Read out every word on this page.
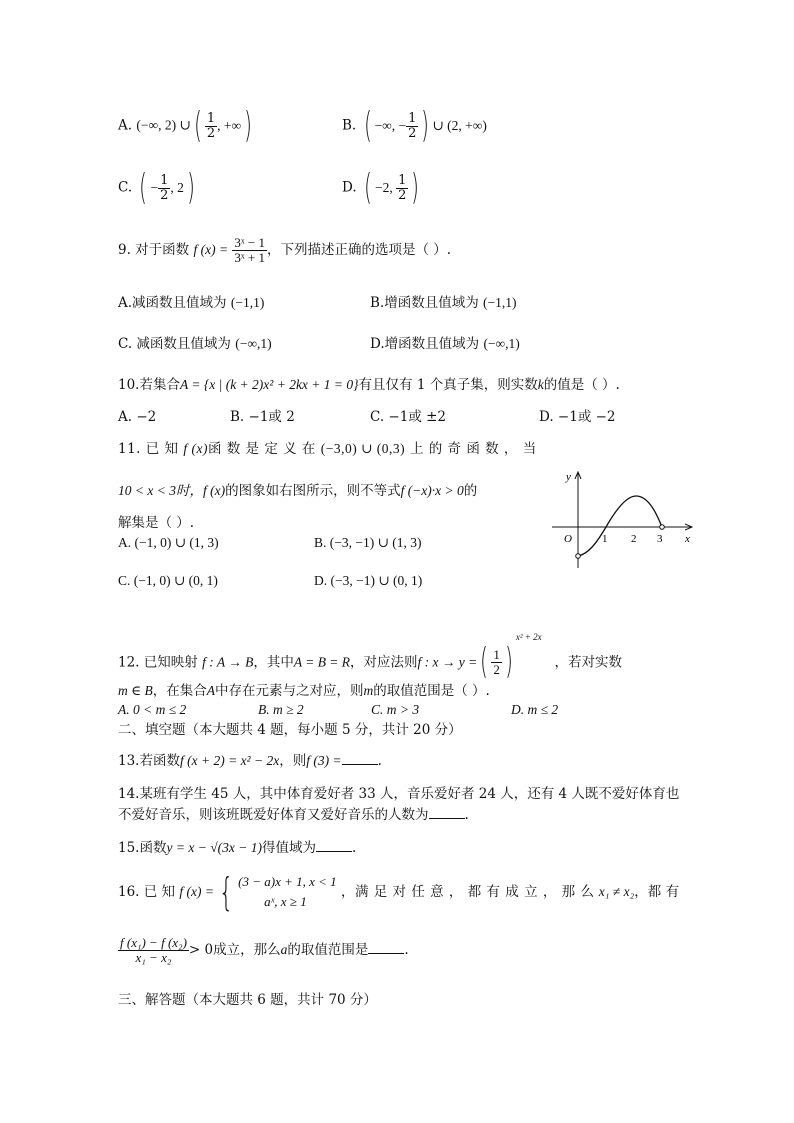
A. (−∞, 2) ∪( $\frac{1}{2}$ , +∞)	B. ( −∞, − $\frac{1}{2}$ ) ∪ (2, +∞)
C. ( − $\frac{1}{2}$ , 2)	D. ( −2, $\frac{1}{2}$ )
9. 对于函数 f $(x) = \frac{\text{3ˣ − 1}}{\text{3ˣ + 1}}$ ，下列描述正确的选项是（ ）.
A.减函数且值域为 (−1,1)	B.增函数且值域为 (−1,1)
C. 减函数且值域为 (−∞,1)	D.增函数且值域为 (−∞,1)
10.若集合A = {x | (k + 2)x² + 2kx + 1 = 0}有且仅有 1 个真子集，则实数k的值是（ ）.
A. −2	B. −1或 2	C. −1或 ±2	D. −1或 −2
11. 已 知 f (x)函 数 是 定 义 在 (−3,0) ∪ (0,3) 上 的 奇 函 数 ， 当
10 < x < 3时，f (x)的图象如右图所示，则不等式f (−x)·x > 0的
解集是（ ）.
A. (−1, 0) ∪ (1, 3)	B. (−3, −1) ∪ (1, 3)
C. (−1, 0) ∪ (0, 1)	D. (−3, −1) ∪ (0, 1)
y
x
O	1 2 3
12. 已知映射 f : A → B，其中A = B = R，对应法则f : x → y =( $\frac{1}{2} )^{x^2 + 2x}$   ，若对实数
m ∈ B，在集合A中存在元素与之对应，则m的取值范围是（ ）.
A. 0 < m ≤ 2	B. m ≥ 2	C. m > 3	D. m ≤ 2
二、填空题（本大题共 4 题，每小题 5 分，共计 20 分）
13.若函数f (x + 2) = x² − 2x，则f (3) =	.
14.某班有学生 45 人，其中体育爱好者 33 人，音乐爱好者 24 人，还有 4 人既不爱好体育也
不爱好音乐，则该班既爱好体育又爱好音乐的人数为	.
15.函数y = x − √(3x − 1)得值域为	.
16. 已 知 f (x) = { (3 − a)x + 1, x < 1
aˣ, x ≥ 1
，满 足 对 任 意 ， 都 有 成 立 ， 那 么 x₁ ≠ x₂，都 有
$\frac{\text{f (x₁) − f (x₂)}}{\text{x₁ − x₂}} > 0$成立，那么a的取值范围是	.
三、解答题（本大题共 6 题，共计 70 分）
